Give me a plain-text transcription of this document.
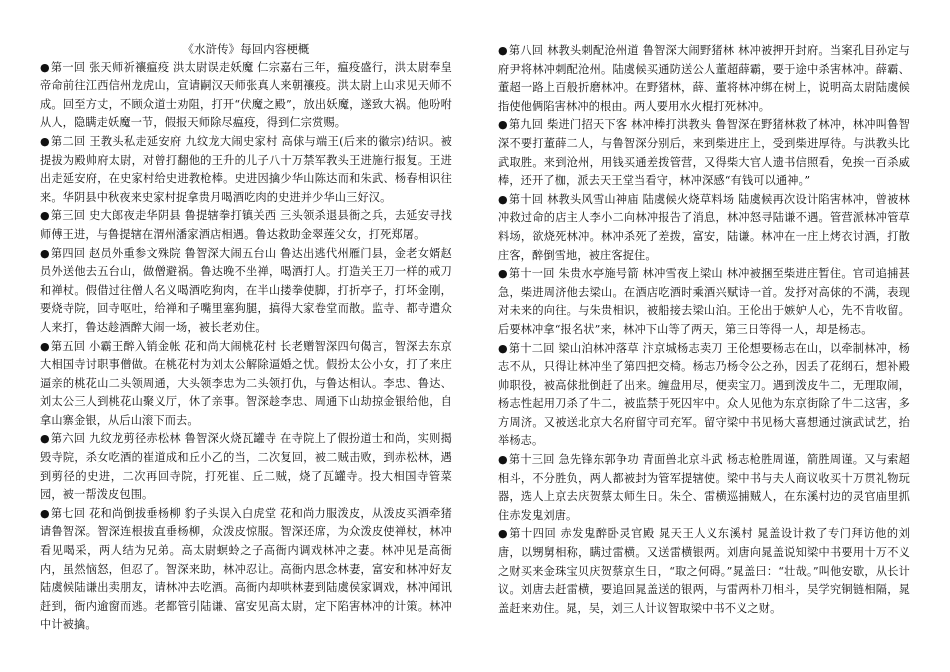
《水浒传》每回内容梗概

●第一回 张天师祈禳瘟疫 洪太尉误走妖魔 仁宗嘉右三年，瘟疫盛行，洪太尉奉皇帝命前往江西信州龙虎山，宣请嗣汉天师张真人来朝禳疫。洪太尉上山求见天师不成。回至方丈，不顾众道士劝阻，打开“伏魔之殿”，放出妖魔，遂致大祸。他吩咐从人，隐瞒走妖魔一节，假报天师除尽瘟疫，得到仁宗赏赐。

●第二回 王教头私走延安府 九纹龙大闹史家村 高俅与端王(后来的徽宗)结识。被提拔为殿帅府太尉，对曾打翻他的王升的儿子八十万禁军教头王进施行报复。王进出走延安府，在史家村给史进教枪棒。史进因擒少华山陈达而和朱武、杨春相识往来。华阴县中秋夜来史家村捉拿贵月喝酒吃肉的史进并少华山三好汉。

●第三回 史大郎夜走华阴县 鲁提辖拳打镇关西 三头领杀退县衙之兵，去延安寻找师傅王进，与鲁提辖在渭州潘家酒店相遇。鲁达救助金翠莲父女，打死郑屠。

●第四回 赵员外重参文殊院 鲁智深大闹五台山 鲁达出逃代州雁门县，金老女婿赵员外送他去五台山，做僧避祸。鲁达晚不坐禅，喝酒打人。打造关王刀一样的戒刀和禅杖。假借过往僧人名义喝酒吃狗肉，在半山搂拳使脚，打折亭子，打坏金刚，要烧寺院，回寺呕吐，给禅和子嘴里塞狗腿，搞得大家卷堂而散。监寺、都寺遣众人来打，鲁达趁酒醉大闹一场，被长老劝住。

●第五回 小霸王醉入销金帐 花和尚大闹桃花村 长老赠智深四句偈言，智深去东京大相国寺讨职事僧做。在桃花村为刘太公解除逼婚之忧。假扮太公小女，打了来庄逼亲的桃花山二头领周通，大头领李忠为二头领打仇，与鲁达相认。李忠、鲁达、刘太公三人到桃花山聚义厅，休了亲事。智深趁李忠、周通下山劫掠金银给他，自拿山寨金银，从后山滚下而去。

●第六回 九纹龙剪径赤松林 鲁智深火烧瓦罐寺 在寺院上了假扮道士和尚，实则揭毁寺院，杀女吃酒的崔道成和丘小乙的当，二次复回，被二贼击败，到赤松林，遇到剪径的史进，二次再回寺院，打死崔、丘二贼，烧了瓦罐寺。投大相国寺管菜园，被一帮泼皮包围。

●第七回 花和尚倒拔垂杨柳 豹子头误入白虎堂 花和尚力服泼皮，从泼皮买酒牵猪请鲁智深。智深连根拔直垂杨柳，众泼皮惊服。智深还席，为众泼皮使禅杖，林冲看见喝采，两人结为兄弟。高太尉螟蛉之子高衙内调戏林冲之妻。林冲见是高衙内，虽然恼怒，但忍了。智深来助，林冲忍让。高衙内思念林妻，富安和林冲好友陆虞候陆谦出卖朋友，请林冲去吃酒。高衙内却哄林妻到陆虞侯家调戏，林冲闻讯赶到，衙内逾窗而逃。老都管引陆谦、富安见高太尉，定下陷害林冲的计策。林冲中计被擒。

●第八回 林教头刺配沧州道 鲁智深大闹野猪林 林冲被押开封府。当案孔目孙定与府尹将林冲刺配沧州。陆虞候买通防送公人董超薛霸，要于途中杀害林冲。薛霸、董超一路上百般折磨林冲。在野猪林，薛、董将林冲绑在树上，说明高太尉陆虞候指使他俩陷害林冲的根由。两人要用水火棍打死林冲。

●第九回 柴进门招天下客 林冲棒打洪教头 鲁智深在野猪林救了林冲，林冲叫鲁智深不要打董薛二人，与鲁智深分别后，来到柴进庄上，受到柴进厚待。与洪教头比武取胜。来到沧州，用钱买通差拨管营，又得柴大官人遗书信照看，免挨一百杀威棒，还开了枷，派去天王堂当看守，林冲深感“有钱可以通神。”

●第十回 林教头风雪山神庙 陆虞候火烧草料场 陆虞候再次设计陷害林冲，曾被林冲救过命的店主人李小二向林冲报告了消息，林冲怒寻陆谦不遇。管营派林冲管草料场，欲烧死林冲。林冲杀死了差拨，富安，陆谦。林冲在一庄上烤衣讨酒，打散庄客，醉倒雪地，被庄客捉住。

●第十一回 朱贵水亭施号箭 林冲雪夜上梁山 林冲被捆至柴进庄暂住。官司追捕甚急，柴进周济他去梁山。在酒店吃酒时乘酒兴赋诗一首。发抒对高俅的不满，表现对未来的向往。与朱贵相识，被船接去梁山泊。王伦出于嫉妒人心，先不肯收留。后要林冲拿“报名状”来，林冲下山等了两天，第三日等得一人，却是杨志。

●第十二回 梁山泊林冲落草 汴京城杨志卖刀 王伦想要杨志在山，以牵制林冲，杨志不从，只得让林冲坐了第四把交椅。杨志乃杨令公之孙，因丢了花纲石，想补殿帅职役，被高俅批倒赶了出来。缠盘用尽，便卖宝刀。遇到泼皮牛二，无理取闹，杨志性起用刀杀了牛二，被监禁于死囚牢中。众人见他为东京街除了牛二这害，多方周济。又被送北京大名府留守司充军。留守梁中书见杨大喜想通过演武试艺，抬举杨志。

●第十三回 急先锋东郭争功 青面兽北京斗武 杨志枪胜周谨，箭胜周谨。又与索超相斗，不分胜负，两人都被封为管军提辖使。梁中书与夫人商议收买十万贯礼物玩器，选人上京去庆贺蔡太师生日。朱仝、雷横巡捕贼人，在东溪村边的灵官庙里抓住赤发鬼刘唐。

●第十四回 赤发鬼醉卧灵官殿 晁天王人义东溪村 晁盖设计救了专门拜访他的刘唐，以甥舅相称，瞒过雷横。又送雷横银两。刘唐向晁盖说知梁中书要用十万不义之财买来金珠宝贝庆贺蔡京生日，“取之何碍。”晁盖曰：“壮哉。”叫他安歇，从长计议。刘唐去赶雷横，要追回晁盖送的银两，与雷两朴刀相斗，吴学究铜链相隔，晁盖赶来劝住。晁，吴，刘三人计议智取梁中书不义之财。
